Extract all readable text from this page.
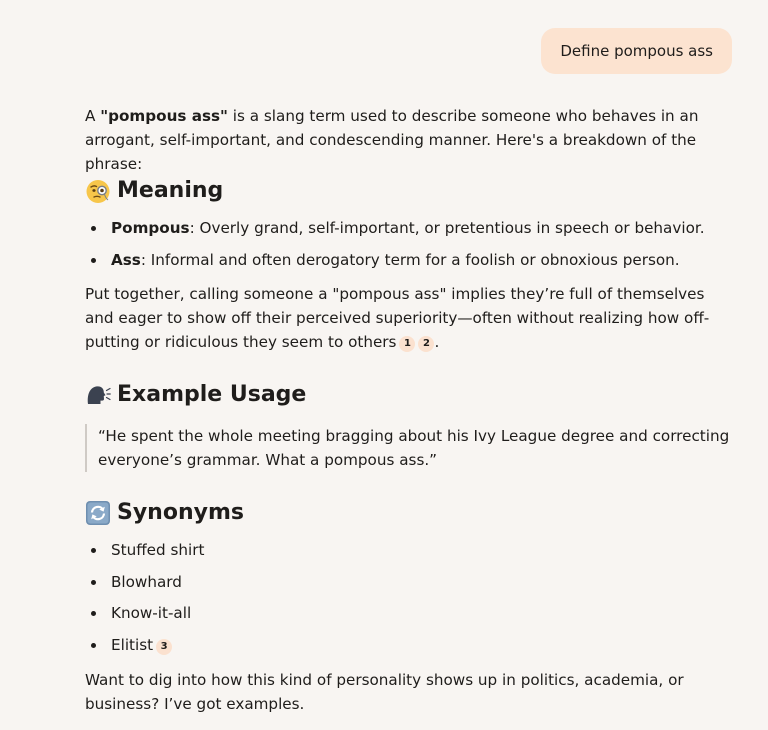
Define pompous ass

A "pompous ass" is a slang term used to describe someone who behaves in an arrogant, self-important, and condescending manner. Here's a breakdown of the phrase:

Meaning
Pompous: Overly grand, self-important, or pretentious in speech or behavior.
Ass: Informal and often derogatory term for a foolish or obnoxious person.

Put together, calling someone a "pompous ass" implies they’re full of themselves and eager to show off their perceived superiority—often without realizing how off-putting or ridiculous they seem to others 1 2 .

Example Usage
“He spent the whole meeting bragging about his Ivy League degree and correcting everyone’s grammar. What a pompous ass.”
Synonyms
Stuffed shirt
Blowhard
Know-it-all
Elitist 3

Want to dig into how this kind of personality shows up in politics, academia, or business? I’ve got examples.
